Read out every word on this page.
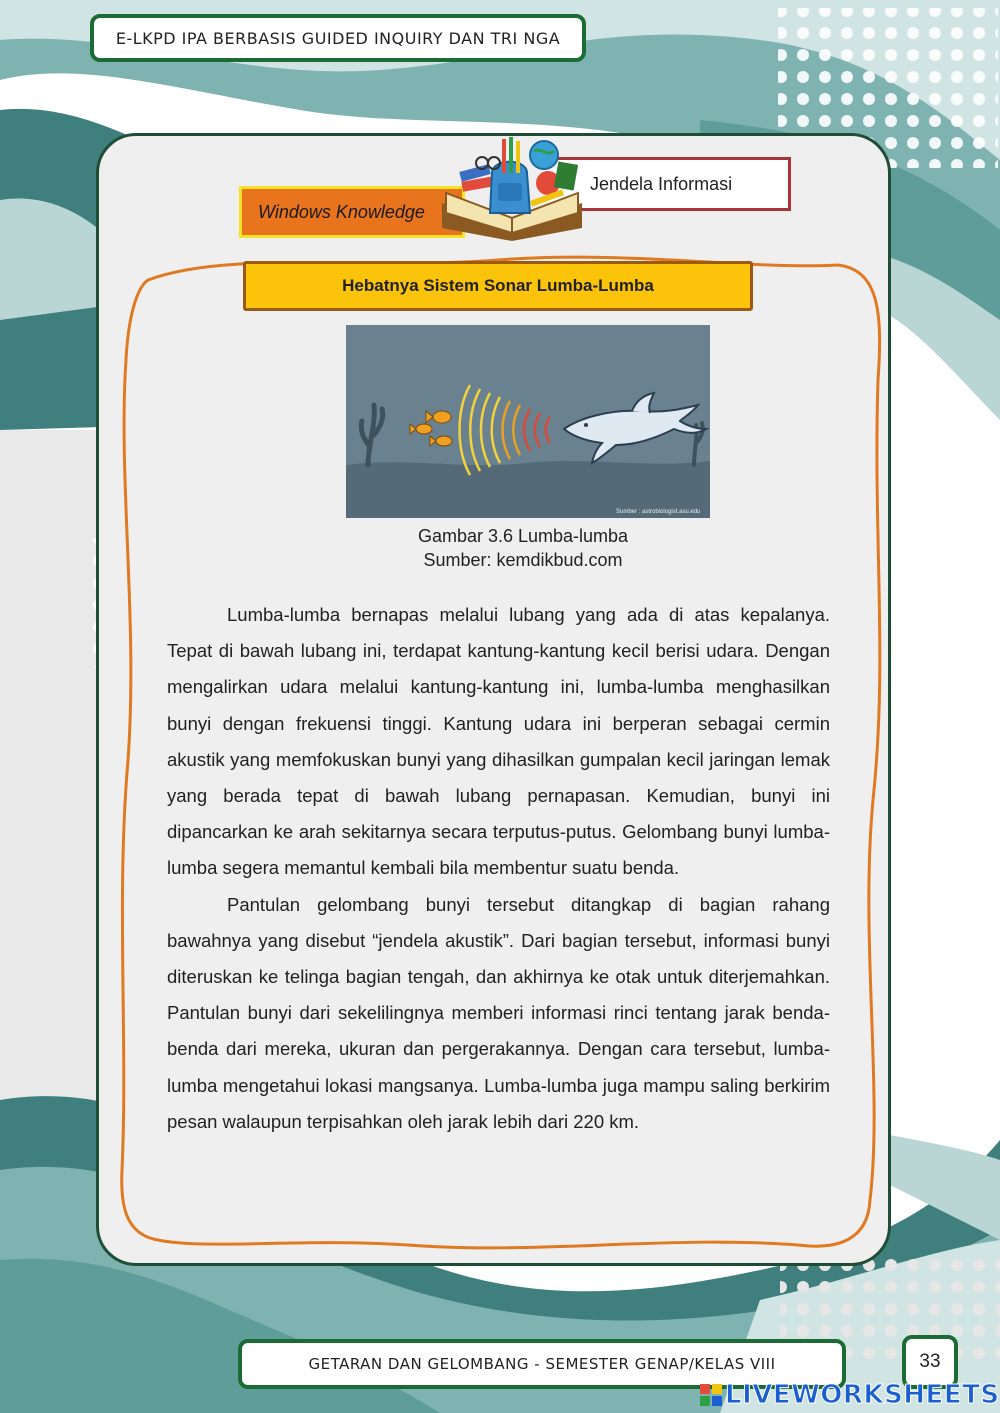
E-LKPD IPA BERBASIS GUIDED INQUIRY DAN TRI NGA
Windows Knowledge
Jendela Informasi
Hebatnya Sistem Sonar Lumba-Lumba
Sumber : astrobiologist.asu.edu
Gambar 3.6 Lumba-lumba
Sumber: kemdikbud.com

Lumba-lumba bernapas melalui lubang yang ada di atas kepalanya. Tepat di bawah lubang ini, terdapat kantung-kantung kecil berisi udara. Dengan mengalirkan udara melalui kantung-kantung ini, lumba-lumba menghasilkan bunyi dengan frekuensi tinggi. Kantung udara ini berperan sebagai cermin akustik yang memfokuskan bunyi yang dihasilkan gumpalan kecil jaringan lemak yang berada tepat di bawah lubang pernapasan. Kemudian, bunyi ini dipancarkan ke arah sekitarnya secara terputus-putus. Gelombang bunyi lumba-lumba segera memantul kembali bila membentur suatu benda.

Pantulan gelombang bunyi tersebut ditangkap di bagian rahang bawahnya yang disebut “jendela akustik”. Dari bagian tersebut, informasi bunyi diteruskan ke telinga bagian tengah, dan akhirnya ke otak untuk diterjemahkan. Pantulan bunyi dari sekelilingnya memberi informasi rinci tentang jarak benda-benda dari mereka, ukuran dan pergerakannya. Dengan cara tersebut, lumba-lumba mengetahui lokasi mangsanya. Lumba-lumba juga mampu saling berkirim pesan walaupun terpisahkan oleh jarak lebih dari 220 km.

GETARAN DAN GELOMBANG - SEMESTER GENAP/KELAS VIII	33
LIVEWORKSHEETS
